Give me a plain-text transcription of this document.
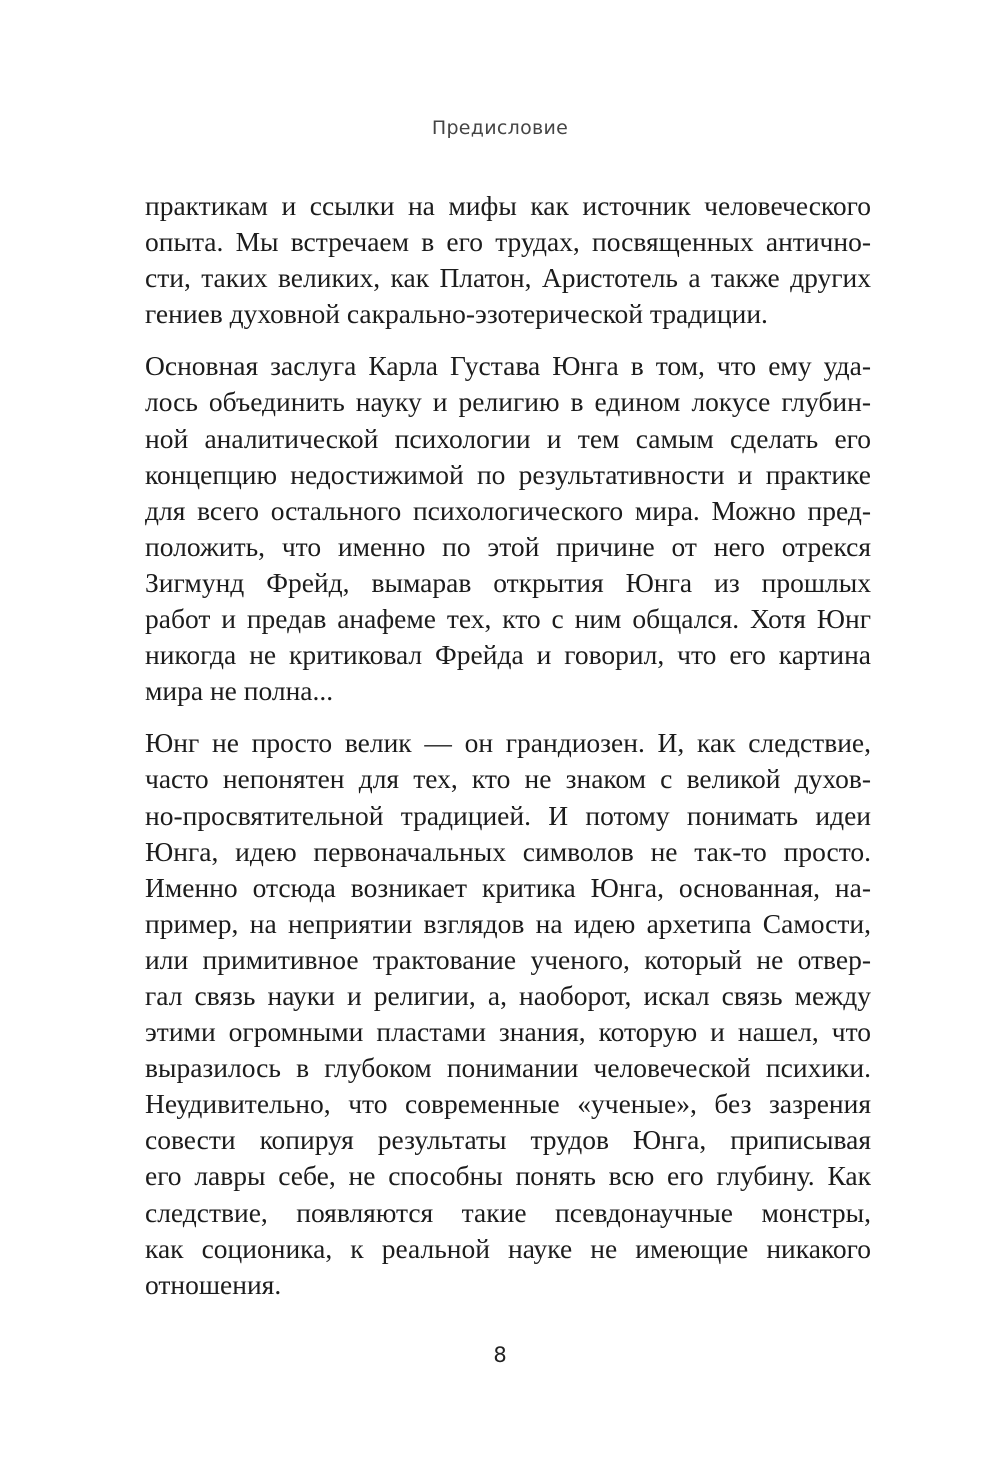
Предисловие
практикам и ссылки на мифы как источник человеческого
опыта. Мы встречаем в его трудах, посвященных антично-
сти, таких великих, как Платон, Аристотель а также других
гениев духовной сакрально-эзотерической традиции.
Основная заслуга Карла Густава Юнга в том, что ему уда-
лось объединить науку и религию в едином локусе глубин-
ной аналитической психологии и тем самым сделать его
концепцию недостижимой по результативности и практике
для всего остального психологического мира. Можно пред-
положить, что именно по этой причине от него отрекся
Зигмунд Фрейд, вымарав открытия Юнга из прошлых
работ и предав анафеме тех, кто с ним общался. Хотя Юнг
никогда не критиковал Фрейда и говорил, что его картина
мира не полна...
Юнг не просто велик — он грандиозен. И, как следствие,
часто непонятен для тех, кто не знаком с великой духов-
но-просвятительной традицией. И потому понимать идеи
Юнга, идею первоначальных символов не так-то просто.
Именно отсюда возникает критика Юнга, основанная, на-
пример, на неприятии взглядов на идею архетипа Самости,
или примитивное трактование ученого, который не отвер-
гал связь науки и религии, а, наоборот, искал связь между
этими огромными пластами знания, которую и нашел, что
выразилось в глубоком понимании человеческой психики.
Неудивительно, что современные «ученые», без зазрения
совести копируя результаты трудов Юнга, приписывая
его лавры себе, не способны понять всю его глубину. Как
следствие, появляются такие псевдонаучные монстры,
как соционика, к реальной науке не имеющие никакого
отношения.
8
